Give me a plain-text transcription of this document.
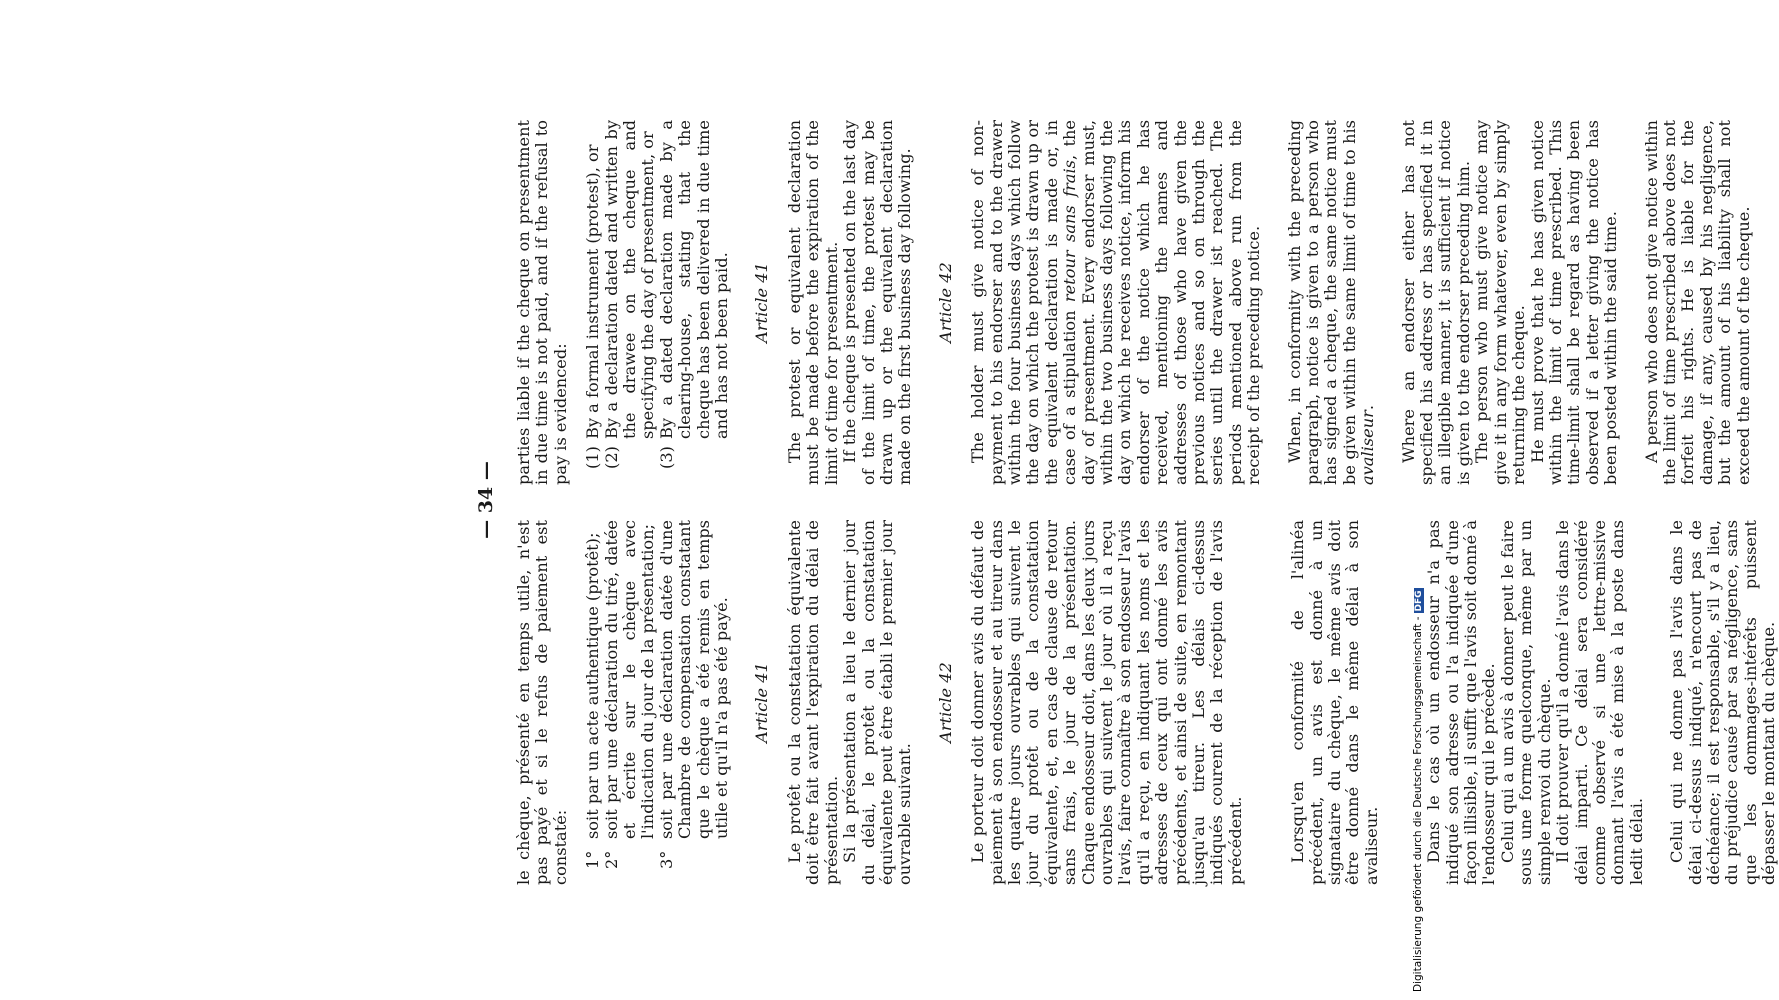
— 34 —

le chèque, présenté en temps utile, n'est pas payé et si le refus de paiement est constaté: 1°soit par un acte authentique (protêt);

2°soit par une déclaration du tiré, datée et écrite sur le chèque avec l'indication du jour de la présentation;

3°soit par une déclaration datée d'une Chambre de compensation constatant que le chèque a été remis en temps utile et qu'il n'a pas été payé. Article 41 Le protêt ou la constatation équivalente doit être fait avant l'expiration du délai de présentation. Si la présentation a lieu le dernier jour du délai, le protêt ou la constatation équivalente peut être établi le premier jour ouvrable suivant.

Article 42 Le porteur doit donner avis du défaut de paiement à son endosseur et au tireur dans les quatre jours ouvrables qui suivent le jour du protêt ou de la constatation équivalente, et, en cas de clause de retour sans frais, le jour de la présentation. Chaque endosseur doit, dans les deux jours ouvrables qui suivent le jour où il a reçu l'avis, faire connaître à son endosseur l'avis qu'il a reçu, en indiquant les noms et les adresses de ceux qui ont donné les avis précédents, et ainsi de suite, en remontant jusqu'au tireur. Les délais ci-dessus indiqués courent de la réception de l'avis précédent.	Lorsqu'en conformité de l'alinéa précédent, un avis est donné à un signataire du chèque, le même avis doit être donné dans le même délai à son avaliseur.	Dans le cas où un endosseur n'a pas indiqué son adresse ou l'a indiquée d'une façon illisible, il suffit que l'avis soit donné à l'endosseur qui le précède. Celui qui a un avis à donner peut le faire sous une forme quelconque, même par un simple renvoi du chèque. Il doit prouver qu'il a donné l'avis dans le délai imparti. Ce délai sera considéré comme observé si une lettre-missive donnant l'avis a été mise à la poste dans ledit délai. Celui qui ne donne pas l'avis dans le délai ci-dessus indiqué, n'encourt pas de déchéance; il est responsable, s'il y a lieu, du préjudice causé par sa négligence, sans que les dommages-intérêts puissent dépasser le montant du chèque.

parties liable if the cheque on presentment in due time is not paid, and if the refusal to pay is evidenced: (1)By a formal instrument (protest), or

(2)By a declaration dated and written by the drawee on the cheque and specifying the day of presentment, or

(3)By a dated declaration made by a clearing-house, stating that the cheque has been delivered in due time and has not been paid. Article 41 The protest or equivalent declaration must be made before the expiration of the limit of time for presentment. If the cheque is presented on the last day of the limit of time, the protest may be drawn up or the equivalent declaration made on the first business day following. Article 42 The holder must give notice of non-payment to his endorser and to the drawer within the four business days which follow the day on which the protest is drawn up or the equivalent declaration is made or, in case of a stipulation retour sans frais, the day of presentment. Every endorser must, within the two business days following the day on which he receives notice, inform his endorser of the notice which he has received, mentioning the names and addresses of those who have given the previous notices and so on through the series until the drawer ist reached. The periods mentioned above run from the receipt of the preceding notice. When, in conformity with the preceding paragraph, notice is given to a person who has signed a cheque, the same notice must be given within the same limit of time to his avaliseur. Where an endorser either has not specified his address or has specified it in an illegible manner, it is sufficient if notice is given to the endorser preceding him. The person who must give notice may give it in any form whatever, even by simply returning the cheque. He must prove that he has given notice within the limit of time prescribed. This time-limit shall be regard as having been observed if a letter giving the notice has been posted within the said time. A person who does not give notice within the limit of time prescribed above does not forfeit his rights. He is liable for the damage, if any, caused by his negligence, but the amount of his liability shall not exceed the amount of the cheque.

Digitalisierung gefördert durch die Deutsche Forschungsgemeinschaft -DFG
